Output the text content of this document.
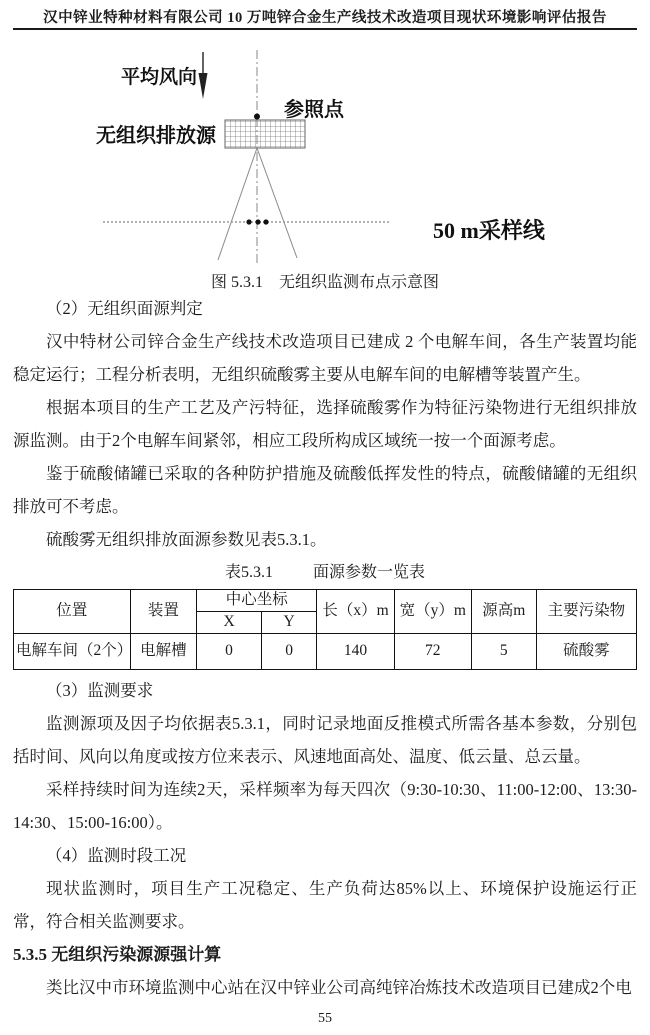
汉中锌业特种材料有限公司 10 万吨锌合金生产线技术改造项目现状环境影响评估报告
平均风向
参照点
无组织排放源
50 m采样线
图 5.3.1　无组织监测布点示意图

（2）无组织面源判定

汉中特材公司锌合金生产线技术改造项目已建成 2 个电解车间，各生产装置均能稳定运行；工程分析表明，无组织硫酸雾主要从电解车间的电解槽等装置产生。

根据本项目的生产工艺及产污特征，选择硫酸雾作为特征污染物进行无组织排放源监测。由于2个电解车间紧邻，相应工段所构成区域统一按一个面源考虑。

鉴于硫酸储罐已采取的各种防护措施及硫酸低挥发性的特点，硫酸储罐的无组织排放可不考虑。

硫酸雾无组织排放面源参数见表5.3.1。

表5.3.1	面源参数一览表

位置	装置	中心坐标		长（x）m	宽（y）m	源高m	主要污染物
		X	Y				
电解车间（2个）	电解槽	0	0	140	72	5	硫酸雾

（3）监测要求

监测源项及因子均依据表5.3.1，同时记录地面反推模式所需各基本参数，分别包括时间、风向以角度或按方位来表示、风速地面高处、温度、低云量、总云量。

采样持续时间为连续2天，采样频率为每天四次（9:30-10:30、11:00-12:00、13:30-14:30、15:00-16:00）。

（4）监测时段工况

现状监测时，项目生产工况稳定、生产负荷达85%以上、环境保护设施运行正常，符合相关监测要求。

5.3.5 无组织污染源源强计算

类比汉中市环境监测中心站在汉中锌业公司高纯锌冶炼技术改造项目已建成2个电

55
